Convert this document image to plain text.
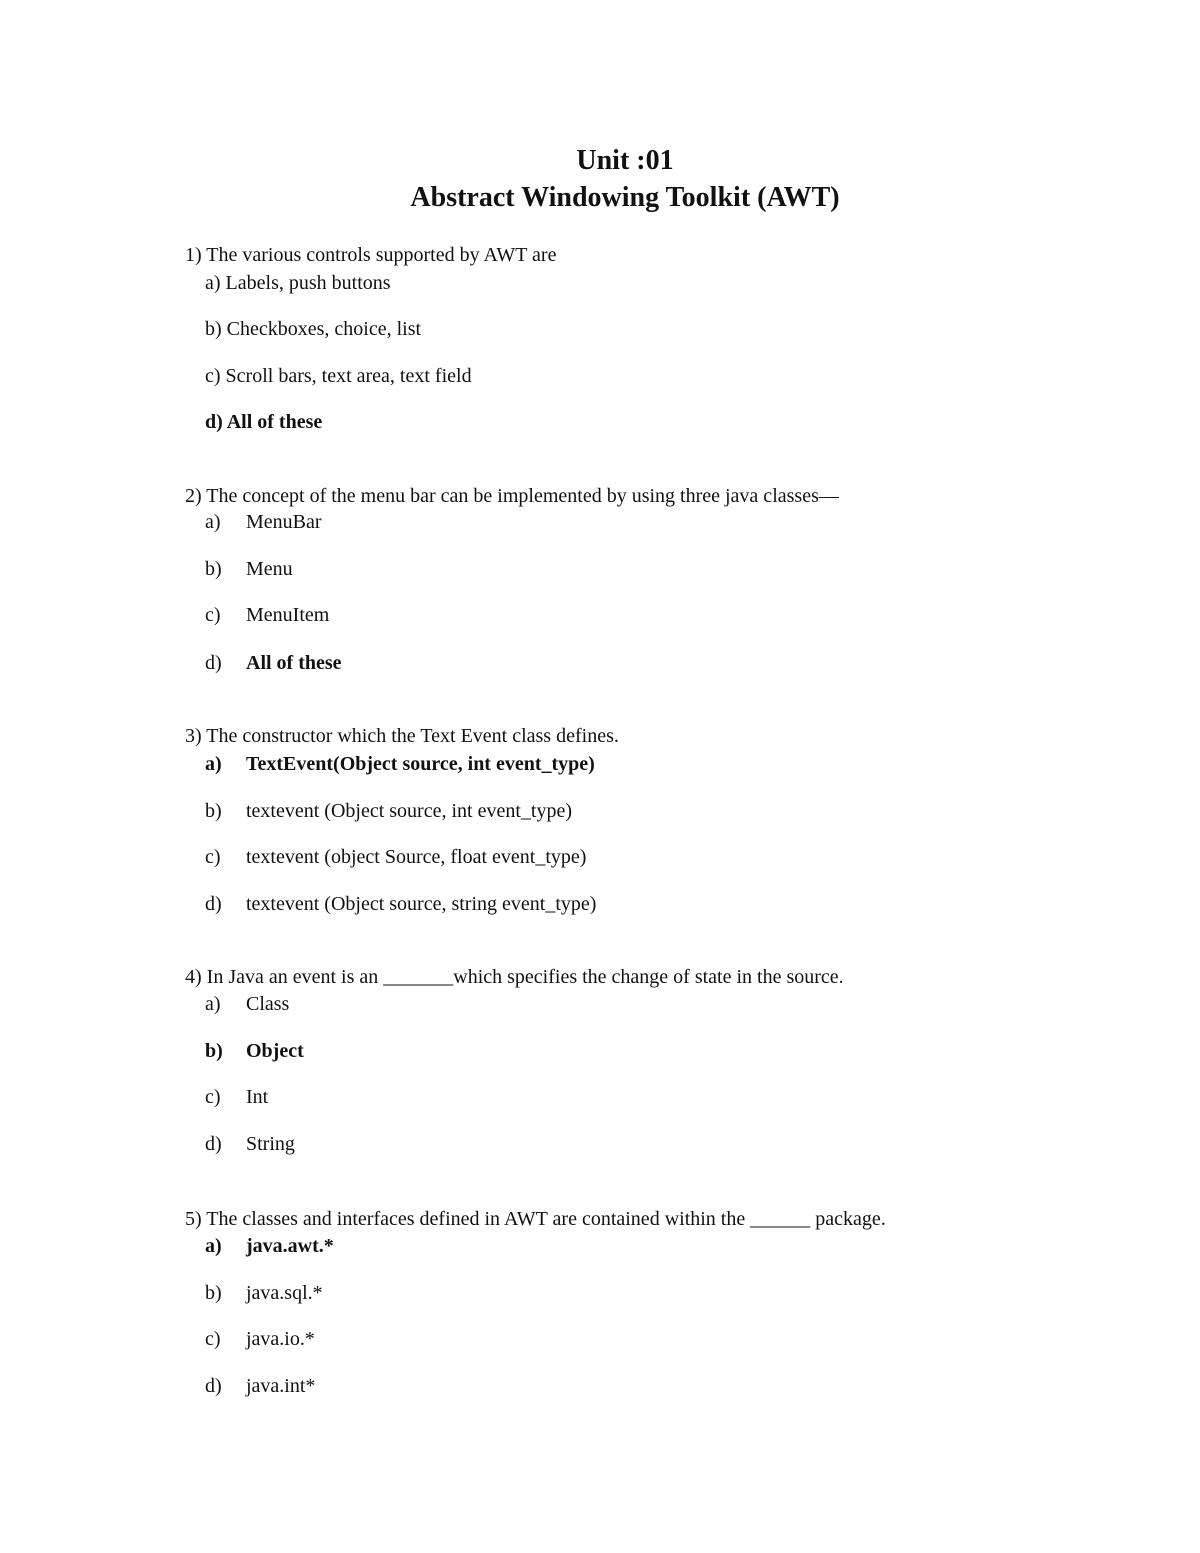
Unit :01
Abstract Windowing Toolkit (AWT)
1) The various controls supported by AWT are
a) Labels, push buttons
b) Checkboxes, choice, list
c) Scroll bars, text area, text field
d) All of these
2) The concept of the menu bar can be implemented by using three java classes—
a) MenuBar
b) Menu
c) MenuItem
d) All of these
3) The constructor which the Text Event class defines.
a) TextEvent(Object source, int event_type)
b) textevent (Object source, int event_type)
c) textevent (object Source, float event_type)
d) textevent (Object source, string event_type)
4) In Java an event is an _______which specifies the change of state in the source.
a) Class
b) Object
c) Int
d) String
5) The classes and interfaces defined in AWT are contained within the ______ package.
a) java.awt.*
b) java.sql.*
c) java.io.*
d) java.int*
